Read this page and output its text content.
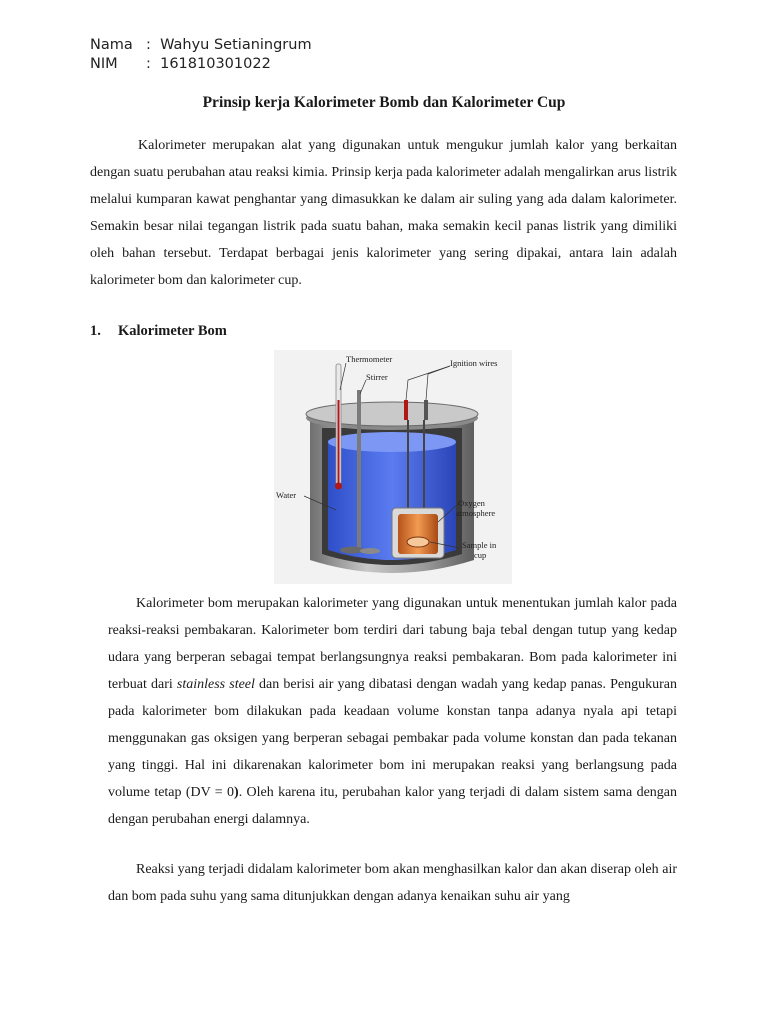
Nama :
Wahyu Setianingrum
NIM	:
161810301022
Prinsip kerja Kalorimeter Bomb dan Kalorimeter Cup

Kalorimeter merupakan alat yang digunakan untuk mengukur jumlah kalor yang berkaitan dengan suatu perubahan atau reaksi kimia. Prinsip kerja pada kalorimeter adalah mengalirkan arus listrik melalui kumparan kawat penghantar yang dimasukkan ke dalam air suling yang ada dalam kalorimeter. Semakin besar nilai tegangan listrik pada suatu bahan, maka semakin kecil panas listrik yang dimiliki oleh bahan tersebut. Terdapat berbagai jenis kalorimeter yang sering dipakai, antara lain adalah kalorimeter bom dan kalorimeter cup.

1. Kalorimeter Bom
Thermometer
Stirrer
Ignition wires
Water
Oxygen
atmosphere
Sample in
cup

Kalorimeter bom merupakan kalorimeter yang digunakan untuk menentukan jumlah kalor pada reaksi-reaksi pembakaran. Kalorimeter bom terdiri dari tabung baja tebal dengan tutup yang kedap udara yang berperan sebagai tempat berlangsungnya reaksi pembakaran. Bom pada kalorimeter ini terbuat dari stainless steel dan berisi air yang dibatasi dengan wadah yang kedap panas. Pengukuran pada kalorimeter bom dilakukan pada keadaan volume konstan tanpa adanya nyala api tetapi menggunakan gas oksigen yang berperan sebagai pembakar pada volume konstan dan pada tekanan yang tinggi. Hal ini dikarenakan kalorimeter bom ini merupakan reaksi yang berlangsung pada volume tetap (DV = 0). Oleh karena itu, perubahan kalor yang terjadi di dalam sistem sama dengan dengan perubahan energi dalamnya.

Reaksi yang terjadi didalam kalorimeter bom akan menghasilkan kalor dan akan diserap oleh air dan bom pada suhu yang sama ditunjukkan dengan adanya kenaikan suhu air yang
